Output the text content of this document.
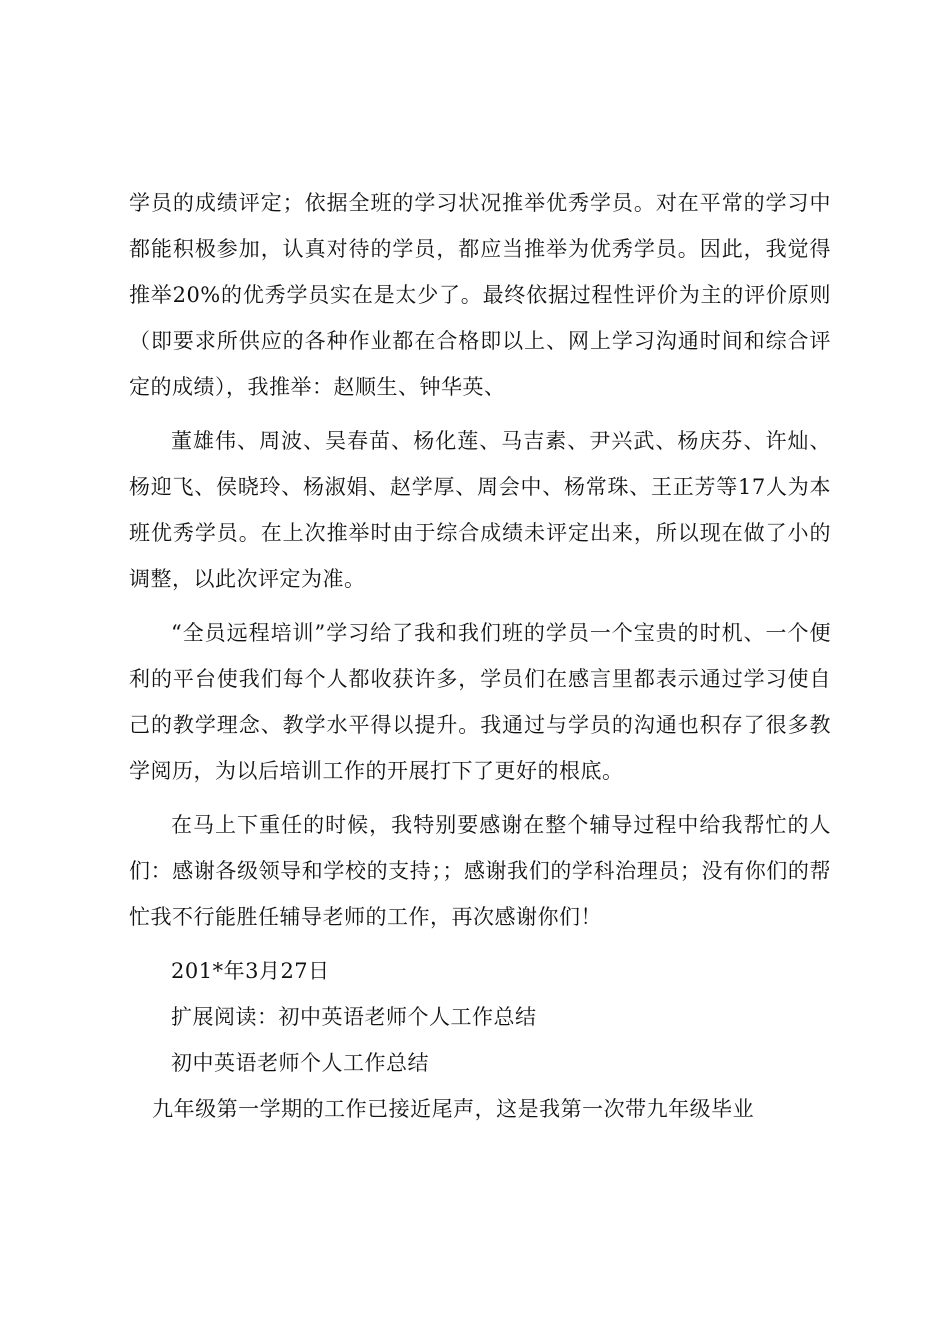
学员的成绩评定；依据全班的学习状况推举优秀学员。对在平常的学习中都能积极参加，认真对待的学员，都应当推举为优秀学员。因此，我觉得推举20%的优秀学员实在是太少了。最终依据过程性评价为主的评价原则（即要求所供应的各种作业都在合格即以上、网上学习沟通时间和综合评定的成绩），我推举：赵顺生、钟华英、

董雄伟、周波、吴春苗、杨化莲、马吉素、尹兴武、杨庆芬、许灿、杨迎飞、侯晓玲、杨淑娟、赵学厚、周会中、杨常珠、王正芳等17人为本班优秀学员。在上次推举时由于综合成绩未评定出来，所以现在做了小的调整，以此次评定为准。

“全员远程培训”学习给了我和我们班的学员一个宝贵的时机、一个便利的平台使我们每个人都收获许多，学员们在感言里都表示通过学习使自己的教学理念、教学水平得以提升。我通过与学员的沟通也积存了很多教学阅历，为以后培训工作的开展打下了更好的根底。

在马上下重任的时候，我特别要感谢在整个辅导过程中给我帮忙的人们：感谢各级领导和学校的支持；；感谢我们的学科治理员；没有你们的帮忙我不行能胜任辅导老师的工作，再次感谢你们！

201*年3月27日

扩展阅读：初中英语老师个人工作总结

初中英语老师个人工作总结

九年级第一学期的工作已接近尾声，这是我第一次带九年级毕业
